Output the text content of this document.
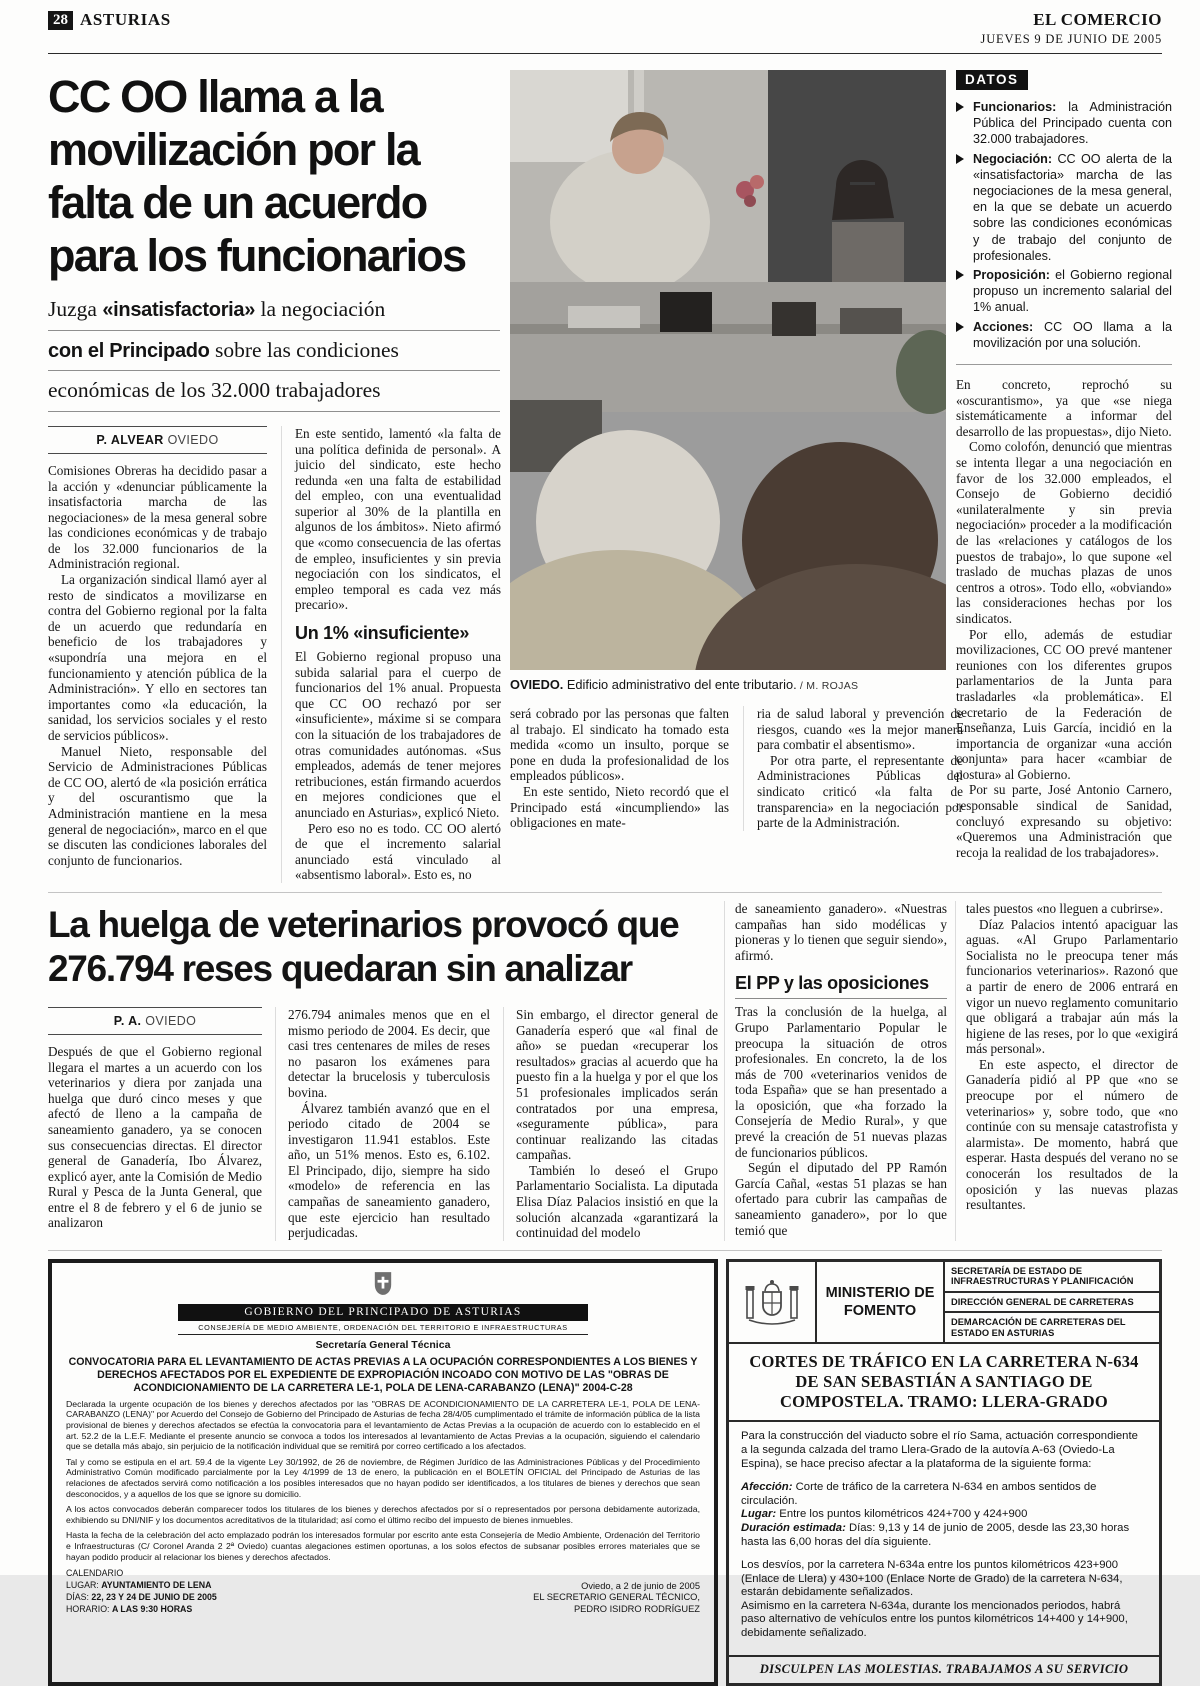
28 ASTURIAS	EL COMERCIO
JUEVES 9 DE JUNIO DE 2005
CC OO llama a la movilización por la falta de un acuerdo para los funcionarios
Juzga «insatisfactoria» la negociación
con el Principado sobre las condiciones
económicas de los 32.000 trabajadores
P. ALVEAR OVIEDO

Comisiones Obreras ha decidido pasar a la acción y «denunciar públicamente la insatisfactoria marcha de las negociaciones» de la mesa general sobre las condiciones económicas y de trabajo de los 32.000 funcionarios de la Administración regional.

La organización sindical llamó ayer al resto de sindicatos a movilizarse en contra del Gobierno regional por la falta de un acuerdo que redundaría en beneficio de los trabajadores y «supondría una mejora en el funcionamiento y atención pública de la Administración». Y ello en sectores tan importantes como «la educación, la sanidad, los servicios sociales y el resto de servicios públicos».

Manuel Nieto, responsable del Servicio de Administraciones Públicas de CC OO, alertó de «la posición errática y del oscurantismo que la Administración mantiene en la mesa general de negociación», marco en el que se discuten las condiciones laborales del conjunto de funcionarios.

En este sentido, lamentó «la falta de una política definida de personal». A juicio del sindicato, este hecho redunda «en una falta de estabilidad del empleo, con una eventualidad superior al 30% de la plantilla en algunos de los ámbitos». Nieto afirmó que «como consecuencia de las ofertas de empleo, insuficientes y sin previa negociación con los sindicatos, el empleo temporal es cada vez más precario».

Un 1% «insuficiente»

El Gobierno regional propuso una subida salarial para el cuerpo de funcionarios del 1% anual. Propuesta que CC OO rechazó por ser «insuficiente», máxime si se compara con la situación de los trabajadores de otras comunidades autónomas. «Sus empleados, además de tener mejores retribuciones, están firmando acuerdos en mejores condiciones que el anunciado en Asturias», explicó Nieto.

Pero eso no es todo. CC OO alertó de que el incremento salarial anunciado está vinculado al «absentismo laboral». Esto es, no

OVIEDO. Edificio administrativo del ente tributario. / M. ROJAS

será cobrado por las personas que falten al trabajo. El sindicato ha tomado esta medida «como un insulto, porque se pone en duda la profesionalidad de los empleados públicos».

En este sentido, Nieto recordó que el Principado está «incumpliendo» las obligaciones en mate-

ria de salud laboral y prevención de riesgos, cuando «es la mejor manera para combatir el absentismo».

Por otra parte, el representante de Administraciones Públicas del sindicato criticó «la falta de transparencia» en la negociación por parte de la Administración.

DATOS
Funcionarios: la Administración Pública del Principado cuenta con 32.000 trabajadores.
Negociación: CC OO alerta de la «insatisfactoria» marcha de las negociaciones de la mesa general, en la que se debate un acuerdo sobre las condiciones económicas y de trabajo del conjunto de profesionales.
Proposición: el Gobierno regional propuso un incremento salarial del 1% anual.
Acciones: CC OO llama a la movilización por una solución.

En concreto, reprochó su «oscurantismo», ya que «se niega sistemáticamente a informar del desarrollo de las propuestas», dijo Nieto.

Como colofón, denunció que mientras se intenta llegar a una negociación en favor de los 32.000 empleados, el Consejo de Gobierno decidió «unilateralmente y sin previa negociación» proceder a la modificación de las «relaciones y catálogos de los puestos de trabajo», lo que supone «el traslado de muchas plazas de unos centros a otros». Todo ello, «obviando» las consideraciones hechas por los sindicatos.

Por ello, además de estudiar movilizaciones, CC OO prevé mantener reuniones con los diferentes grupos parlamentarios de la Junta para trasladarles «la problemática». El secretario de la Federación de Enseñanza, Luis García, incidió en la importancia de organizar «una acción conjunta» para hacer «cambiar de postura» al Gobierno.

Por su parte, José Antonio Carnero, responsable sindical de Sanidad, concluyó expresando su objetivo: «Queremos una Administración que recoja la realidad de los trabajadores».

La huelga de veterinarios provocó que 276.794 reses quedaran sin analizar
P. A. OVIEDO

Después de que el Gobierno regional llegara el martes a un acuerdo con los veterinarios y diera por zanjada una huelga que duró cinco meses y que afectó de lleno a la campaña de saneamiento ganadero, ya se conocen sus consecuencias directas. El director general de Ganadería, Ibo Álvarez, explicó ayer, ante la Comisión de Medio Rural y Pesca de la Junta General, que entre el 8 de febrero y el 6 de junio se analizaron

276.794 animales menos que en el mismo periodo de 2004. Es decir, que casi tres centenares de miles de reses no pasaron los exámenes para detectar la brucelosis y tuberculosis bovina.

Álvarez también avanzó que en el periodo citado de 2004 se investigaron 11.941 establos. Este año, un 51% menos. Esto es, 6.102. El Principado, dijo, siempre ha sido «modelo» de referencia en las campañas de saneamiento ganadero, que este ejercicio han resultado perjudicadas.

Sin embargo, el director general de Ganadería esperó que «al final de año» se puedan «recuperar los resultados» gracias al acuerdo que ha puesto fin a la huelga y por el que los 51 profesionales implicados serán contratados por una empresa, «seguramente pública», para continuar realizando las citadas campañas.

También lo deseó el Grupo Parlamentario Socialista. La diputada Elisa Díaz Palacios insistió en que la solución alcanzada «garantizará la continuidad del modelo

de saneamiento ganadero». «Nuestras campañas han sido modélicas y pioneras y lo tienen que seguir siendo», afirmó.

El PP y las oposiciones

Tras la conclusión de la huelga, al Grupo Parlamentario Popular le preocupa la situación de otros profesionales. En concreto, la de los más de 700 «veterinarios venidos de toda España» que se han presentado a la oposición, que «ha forzado la Consejería de Medio Rural», y que prevé la creación de 51 nuevas plazas de funcionarios públicos.

Según el diputado del PP Ramón García Cañal, «estas 51 plazas se han ofertado para cubrir las campañas de saneamiento ganadero», por lo que temió que

tales puestos «no lleguen a cubrirse».

Díaz Palacios intentó apaciguar las aguas. «Al Grupo Parlamentario Socialista no le preocupa tener más funcionarios veterinarios». Razonó que a partir de enero de 2006 entrará en vigor un nuevo reglamento comunitario que obligará a trabajar aún más la higiene de las reses, por lo que «exigirá más personal».

En este aspecto, el director de Ganadería pidió al PP que «no se preocupe por el número de veterinarios» y, sobre todo, que «no continúe con su mensaje catastrofista y alarmista». De momento, habrá que esperar. Hasta después del verano no se conocerán los resultados de la oposición y las nuevas plazas resultantes.

GOBIERNO DEL PRINCIPADO DE ASTURIAS
CONSEJERÍA DE MEDIO AMBIENTE, ORDENACIÓN DEL TERRITORIO E INFRAESTRUCTURAS
Secretaría General Técnica
CONVOCATORIA PARA EL LEVANTAMIENTO DE ACTAS PREVIAS A LA OCUPACIÓN CORRESPONDIENTES A LOS BIENES Y DERECHOS AFECTADOS POR EL EXPEDIENTE DE EXPROPIACIÓN INCOADO CON MOTIVO DE LAS "OBRAS DE ACONDICIONAMIENTO DE LA CARRETERA LE-1, POLA DE LENA-CARABANZO (LENA)" 2004-C-28

Declarada la urgente ocupación de los bienes y derechos afectados por las "OBRAS DE ACONDICIONAMIENTO DE LA CARRETERA LE-1, POLA DE LENA-CARABANZO (LENA)" por Acuerdo del Consejo de Gobierno del Principado de Asturias de fecha 28/4/05 cumplimentado el trámite de información pública de la lista provisional de bienes y derechos afectados se efectúa la convocatoria para el levantamiento de Actas Previas a la ocupación de acuerdo con lo establecido en el art. 52.2 de la L.E.F. Mediante el presente anuncio se convoca a todos los interesados al levantamiento de Actas Previas a la ocupación, siguiendo el calendario que se detalla más abajo, sin perjuicio de la notificación individual que se remitirá por correo certificado a los afectados.

Tal y como se estipula en el art. 59.4 de la vigente Ley 30/1992, de 26 de noviembre, de Régimen Jurídico de las Administraciones Públicas y del Procedimiento Administrativo Común modificado parcialmente por la Ley 4/1999 de 13 de enero, la publicación en el BOLETÍN OFICIAL del Principado de Asturias de las relaciones de afectados servirá como notificación a los posibles interesados que no hayan podido ser identificados, a los titulares de bienes y derechos que sean desconocidos, y a aquellos de los que se ignore su domicilio.

A los actos convocados deberán comparecer todos los titulares de los bienes y derechos afectados por sí o representados por persona debidamente autorizada, exhibiendo su DNI/NIF y los documentos acreditativos de la titularidad; así como el último recibo del impuesto de bienes inmuebles.

Hasta la fecha de la celebración del acto emplazado podrán los interesados formular por escrito ante esta Consejería de Medio Ambiente, Ordenación del Territorio e Infraestructuras (C/ Coronel Aranda 2 2ª Oviedo) cuantas alegaciones estimen oportunas, a los solos efectos de subsanar posibles errores materiales que se hayan podido producir al relacionar los bienes y derechos afectados.

CALENDARIO
LUGAR: AYUNTAMIENTO DE LENA
DÍAS: 22, 23 Y 24 DE JUNIO DE 2005
HORARIO: A LAS 9:30 HORAS
Oviedo, a 2 de junio de 2005
EL SECRETARIO GENERAL TÉCNICO,
PEDRO ISIDRO RODRÍGUEZ
MINISTERIO DE FOMENTO
SECRETARÍA DE ESTADO DE INFRAESTRUCTURAS Y PLANIFICACIÓN
DIRECCIÓN GENERAL DE CARRETERAS
DEMARCACIÓN DE CARRETERAS DEL ESTADO EN ASTURIAS
CORTES DE TRÁFICO EN LA CARRETERA N-634 DE SAN SEBASTIÁN A SANTIAGO DE COMPOSTELA. TRAMO: LLERA-GRADO

Para la construcción del viaducto sobre el río Sama, actuación correspondiente a la segunda calzada del tramo Llera-Grado de la autovía A-63 (Oviedo-La Espina), se hace preciso afectar a la plataforma de la siguiente forma:

Afección: Corte de tráfico de la carretera N-634 en ambos sentidos de circulación.

Lugar: Entre los puntos kilométricos 424+700 y 424+900

Duración estimada: Días: 9,13 y 14 de junio de 2005, desde las 23,30 horas hasta las 6,00 horas del día siguiente.

Los desvíos, por la carretera N-634a entre los puntos kilométricos 423+900 (Enlace de Llera) y 430+100 (Enlace Norte de Grado) de la carretera N-634, estarán debidamente señalizados.

Asimismo en la carretera N-634a, durante los mencionados periodos, habrá paso alternativo de vehículos entre los puntos kilométricos 14+400 y 14+900, debidamente señalizado.

DISCULPEN LAS MOLESTIAS. TRABAJAMOS A SU SERVICIO
